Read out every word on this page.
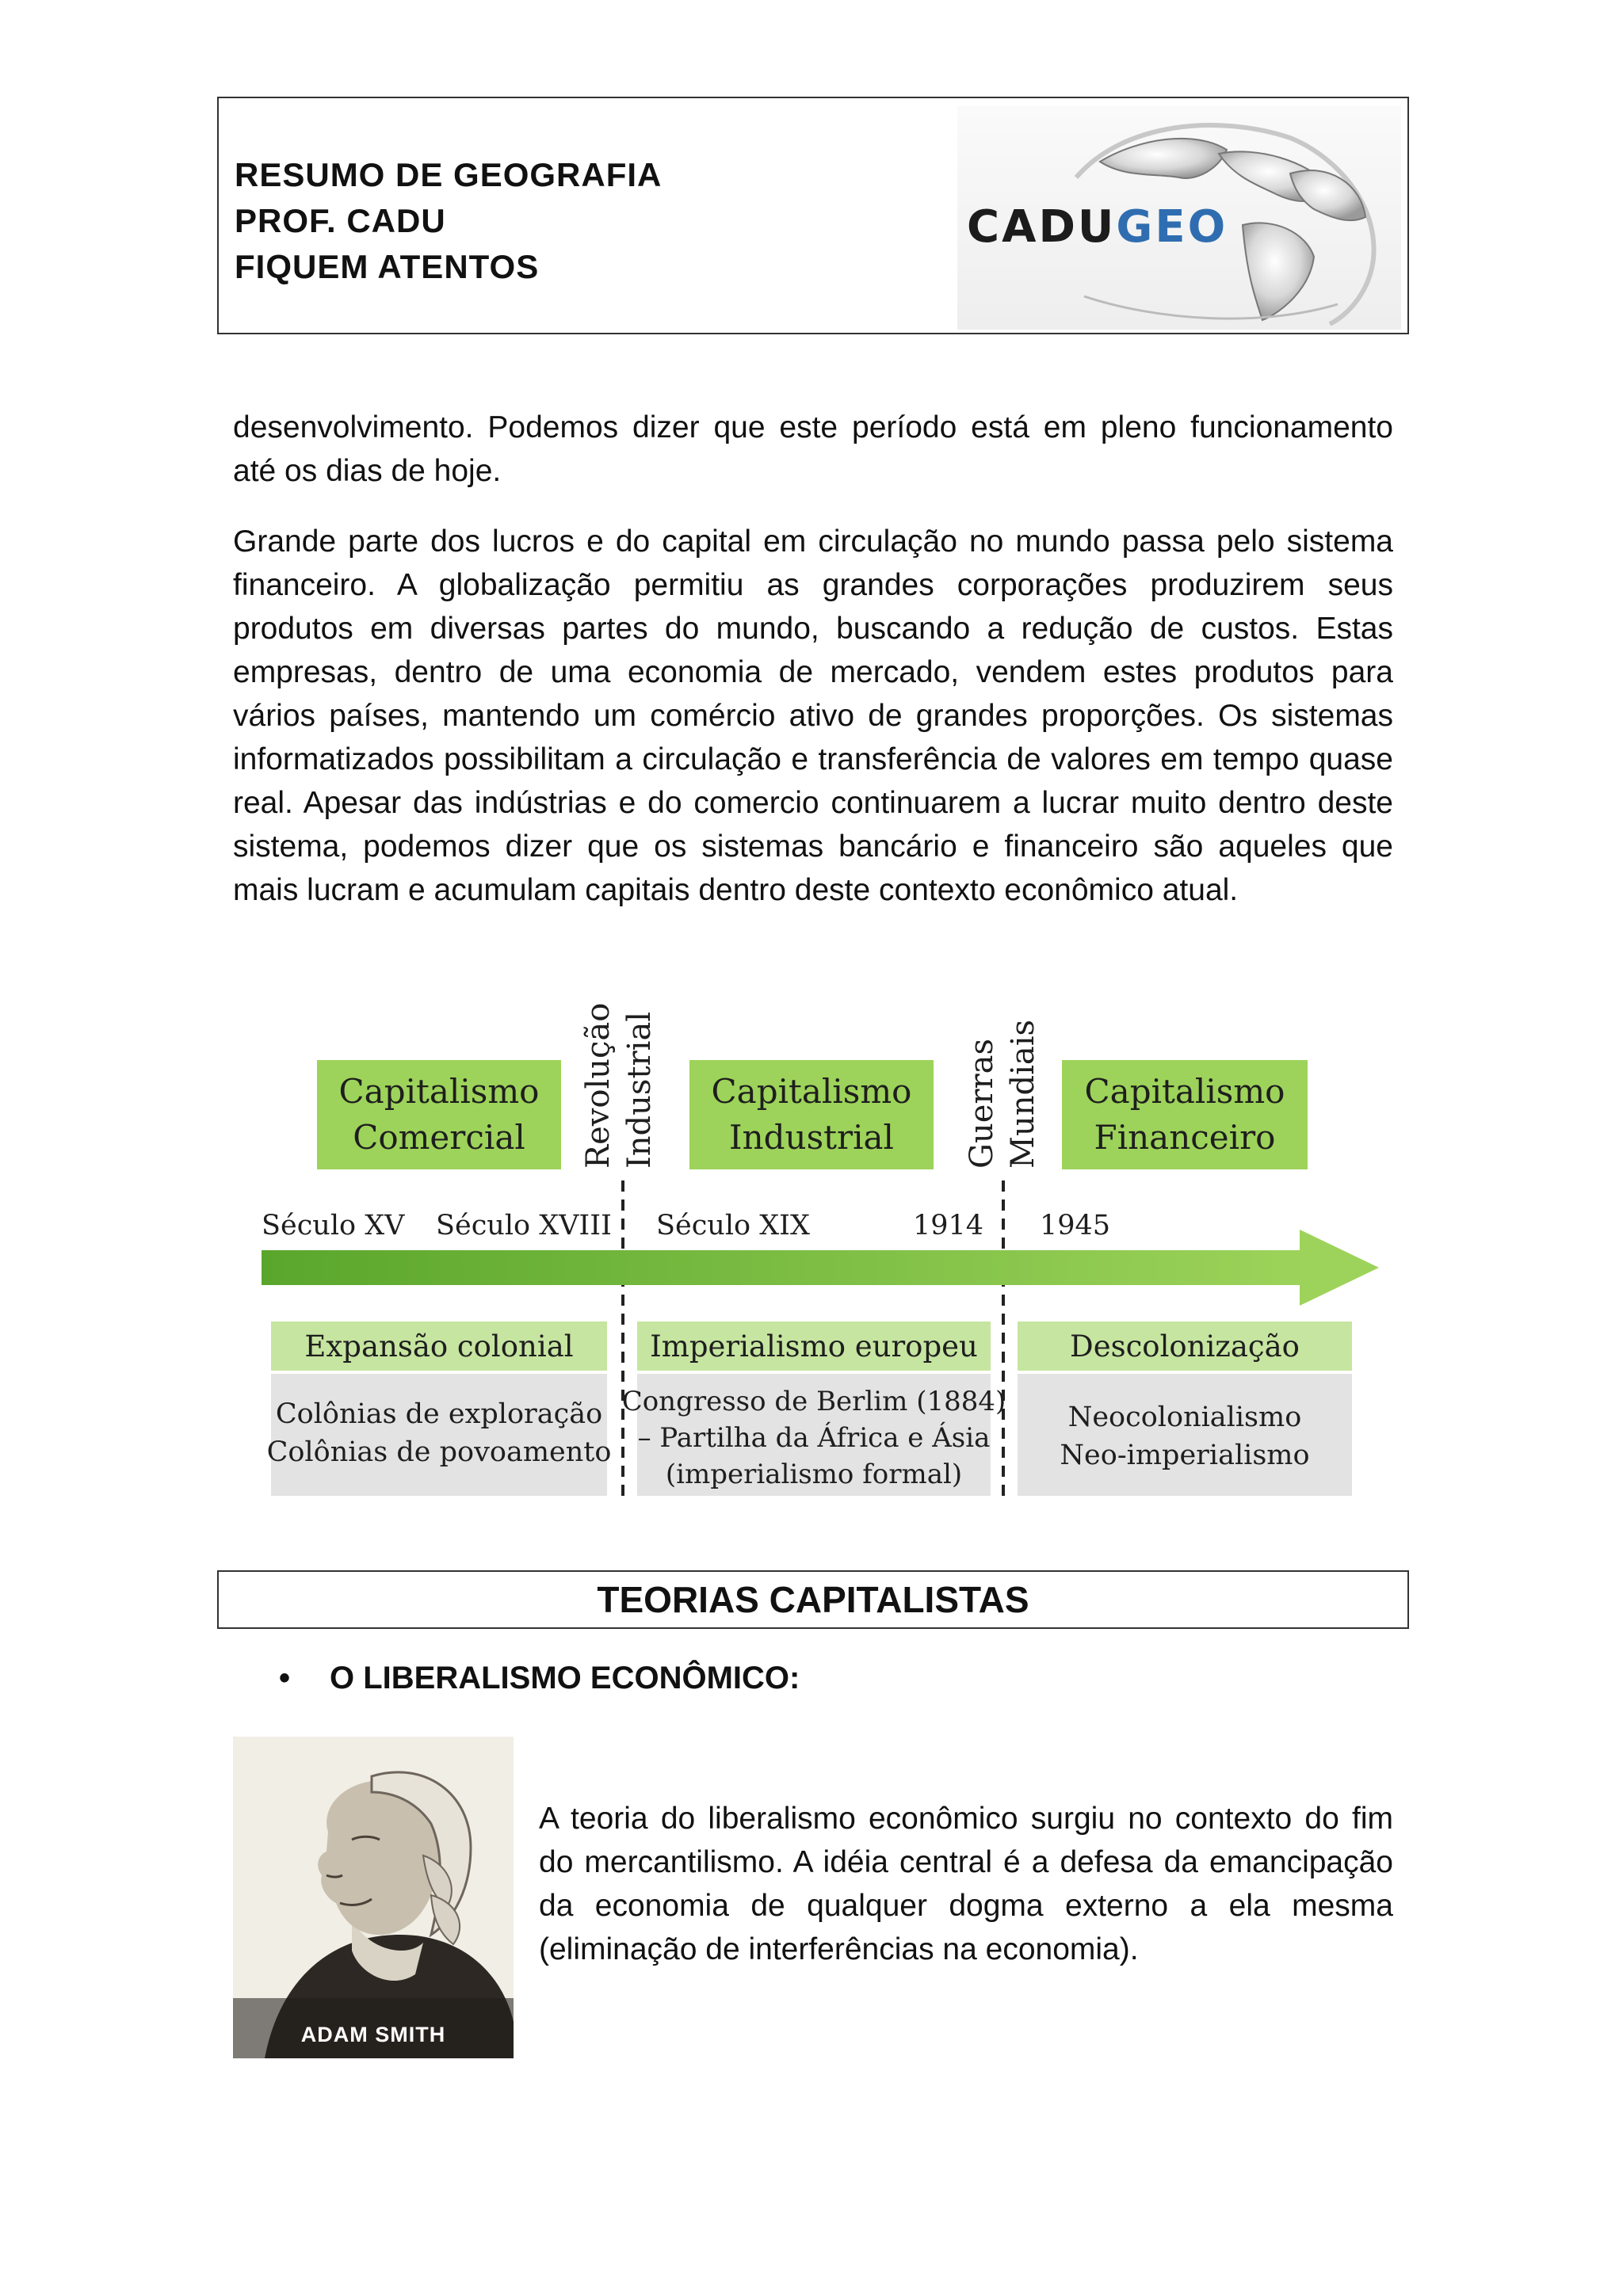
RESUMO DE GEOGRAFIA
PROF. CADU
FIQUEM ATENTOS
CADUGEO

desenvolvimento. Podemos dizer que este período está em pleno funcionamento até os dias de hoje.

Grande parte dos lucros e do capital em circulação no mundo passa pelo sistema financeiro. A globalização permitiu as grandes corporações produzirem seus produtos em diversas partes do mundo, buscando a redução de custos. Estas empresas, dentro de uma economia de mercado, vendem estes produtos para vários países, mantendo um comércio ativo de grandes proporções. Os sistemas informatizados possibilitam a circulação e transferência de valores em tempo quase real. Apesar das indústrias e do comercio continuarem a lucrar muito dentro deste sistema, podemos dizer que os sistemas bancário e financeiro são aqueles que mais lucram e acumulam capitais dentro deste contexto econômico atual.

Capitalismo
Comercial
Capitalismo
Industrial
Capitalismo
Financeiro
Revolução Industrial	Guerras Mundiais
Século XV Século XVIII Século XIX	1914 1945
Expansão colonial
Colônias de exploração
Colônias de povoamento
Imperialismo europeu
Congresso de Berlim (1884)
– Partilha da África e Ásia
(imperialismo formal)
Descolonização
Neocolonialismo
Neo-imperialismo
TEORIAS CAPITALISTAS
• O LIBERALISMO ECONÔMICO:
ADAM SMITH

A teoria do liberalismo econômico surgiu no contexto do fim do mercantilismo. A idéia central é a defesa da emancipação da economia de qualquer dogma externo a ela mesma (eliminação de interferências na economia).
